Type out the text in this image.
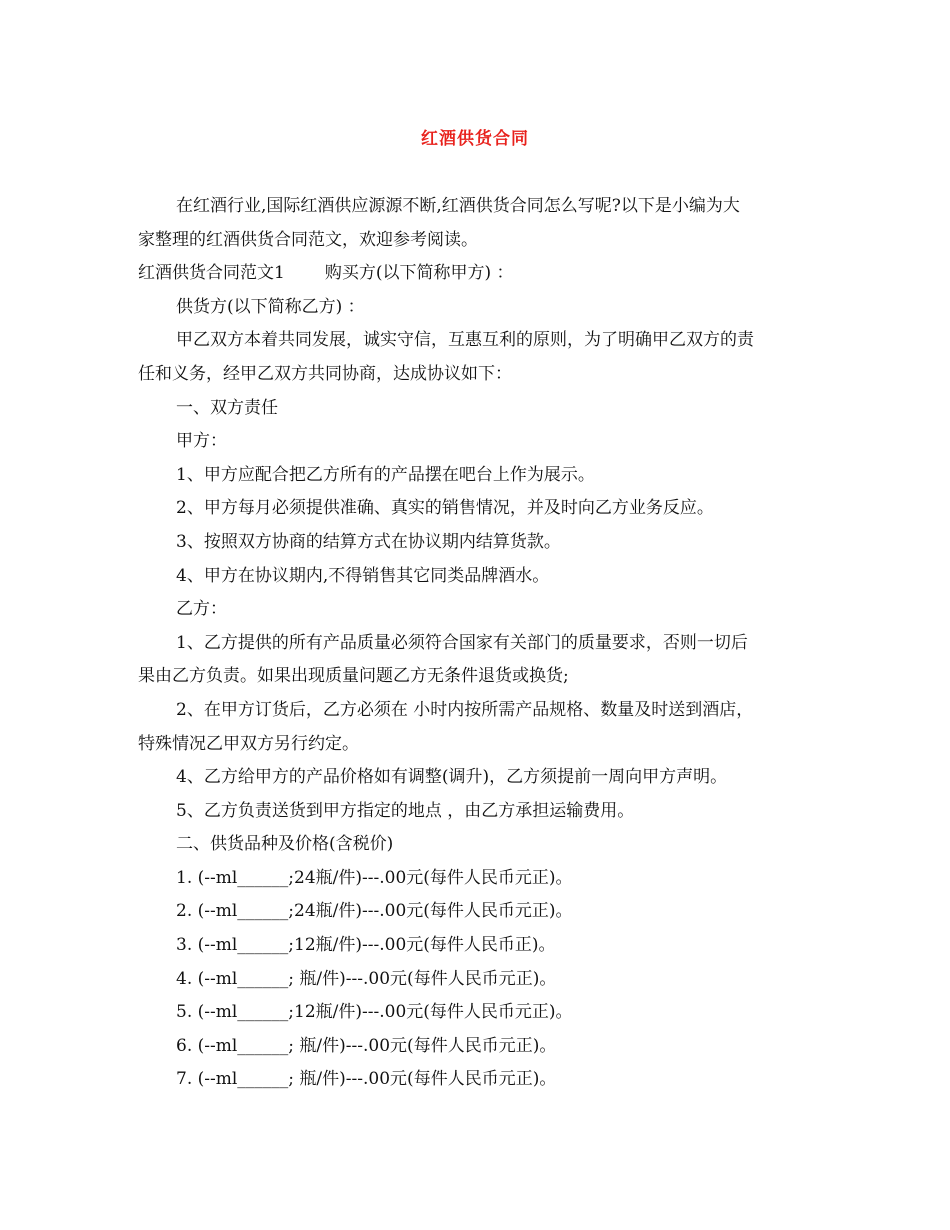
红酒供货合同
在红酒行业,国际红酒供应源源不断,红酒供货合同怎么写呢?以下是小编为大
家整理的红酒供货合同范文，欢迎参考阅读。
红酒供货合同范文1 购买方(以下简称甲方) ：
供货方(以下简称乙方) ：
甲乙双方本着共同发展，诚实守信，互惠互利的原则，为了明确甲乙双方的责
任和义务，经甲乙双方共同协商，达成协议如下：
一、双方责任
甲方：
1、甲方应配合把乙方所有的产品摆在吧台上作为展示。
2、甲方每月必须提供准确、真实的销售情况，并及时向乙方业务反应。
3、按照双方协商的结算方式在协议期内结算货款。
4、甲方在协议期内,不得销售其它同类品牌酒水。
乙方：
1、乙方提供的所有产品质量必须符合国家有关部门的质量要求，否则一切后
果由乙方负责。如果出现质量问题乙方无条件退货或换货;
2、在甲方订货后，乙方必须在 小时内按所需产品规格、数量及时送到酒店，
特殊情况乙甲双方另行约定。
4、乙方给甲方的产品价格如有调整(调升)，乙方须提前一周向甲方声明。
5、乙方负责送货到甲方指定的地点 ，由乙方承担运输费用。
二、供货品种及价格(含税价)
1. (--ml______;24瓶/件)---.00元(每件人民币元正)。
2. (--ml______;24瓶/件)---.00元(每件人民币元正)。
3. (--ml______;12瓶/件)---.00元(每件人民币正)。
4. (--ml______; 瓶/件)---.00元(每件人民币元正)。
5. (--ml______;12瓶/件)---.00元(每件人民币元正)。
6. (--ml______; 瓶/件)---.00元(每件人民币元正)。
7. (--ml______; 瓶/件)---.00元(每件人民币元正)。
